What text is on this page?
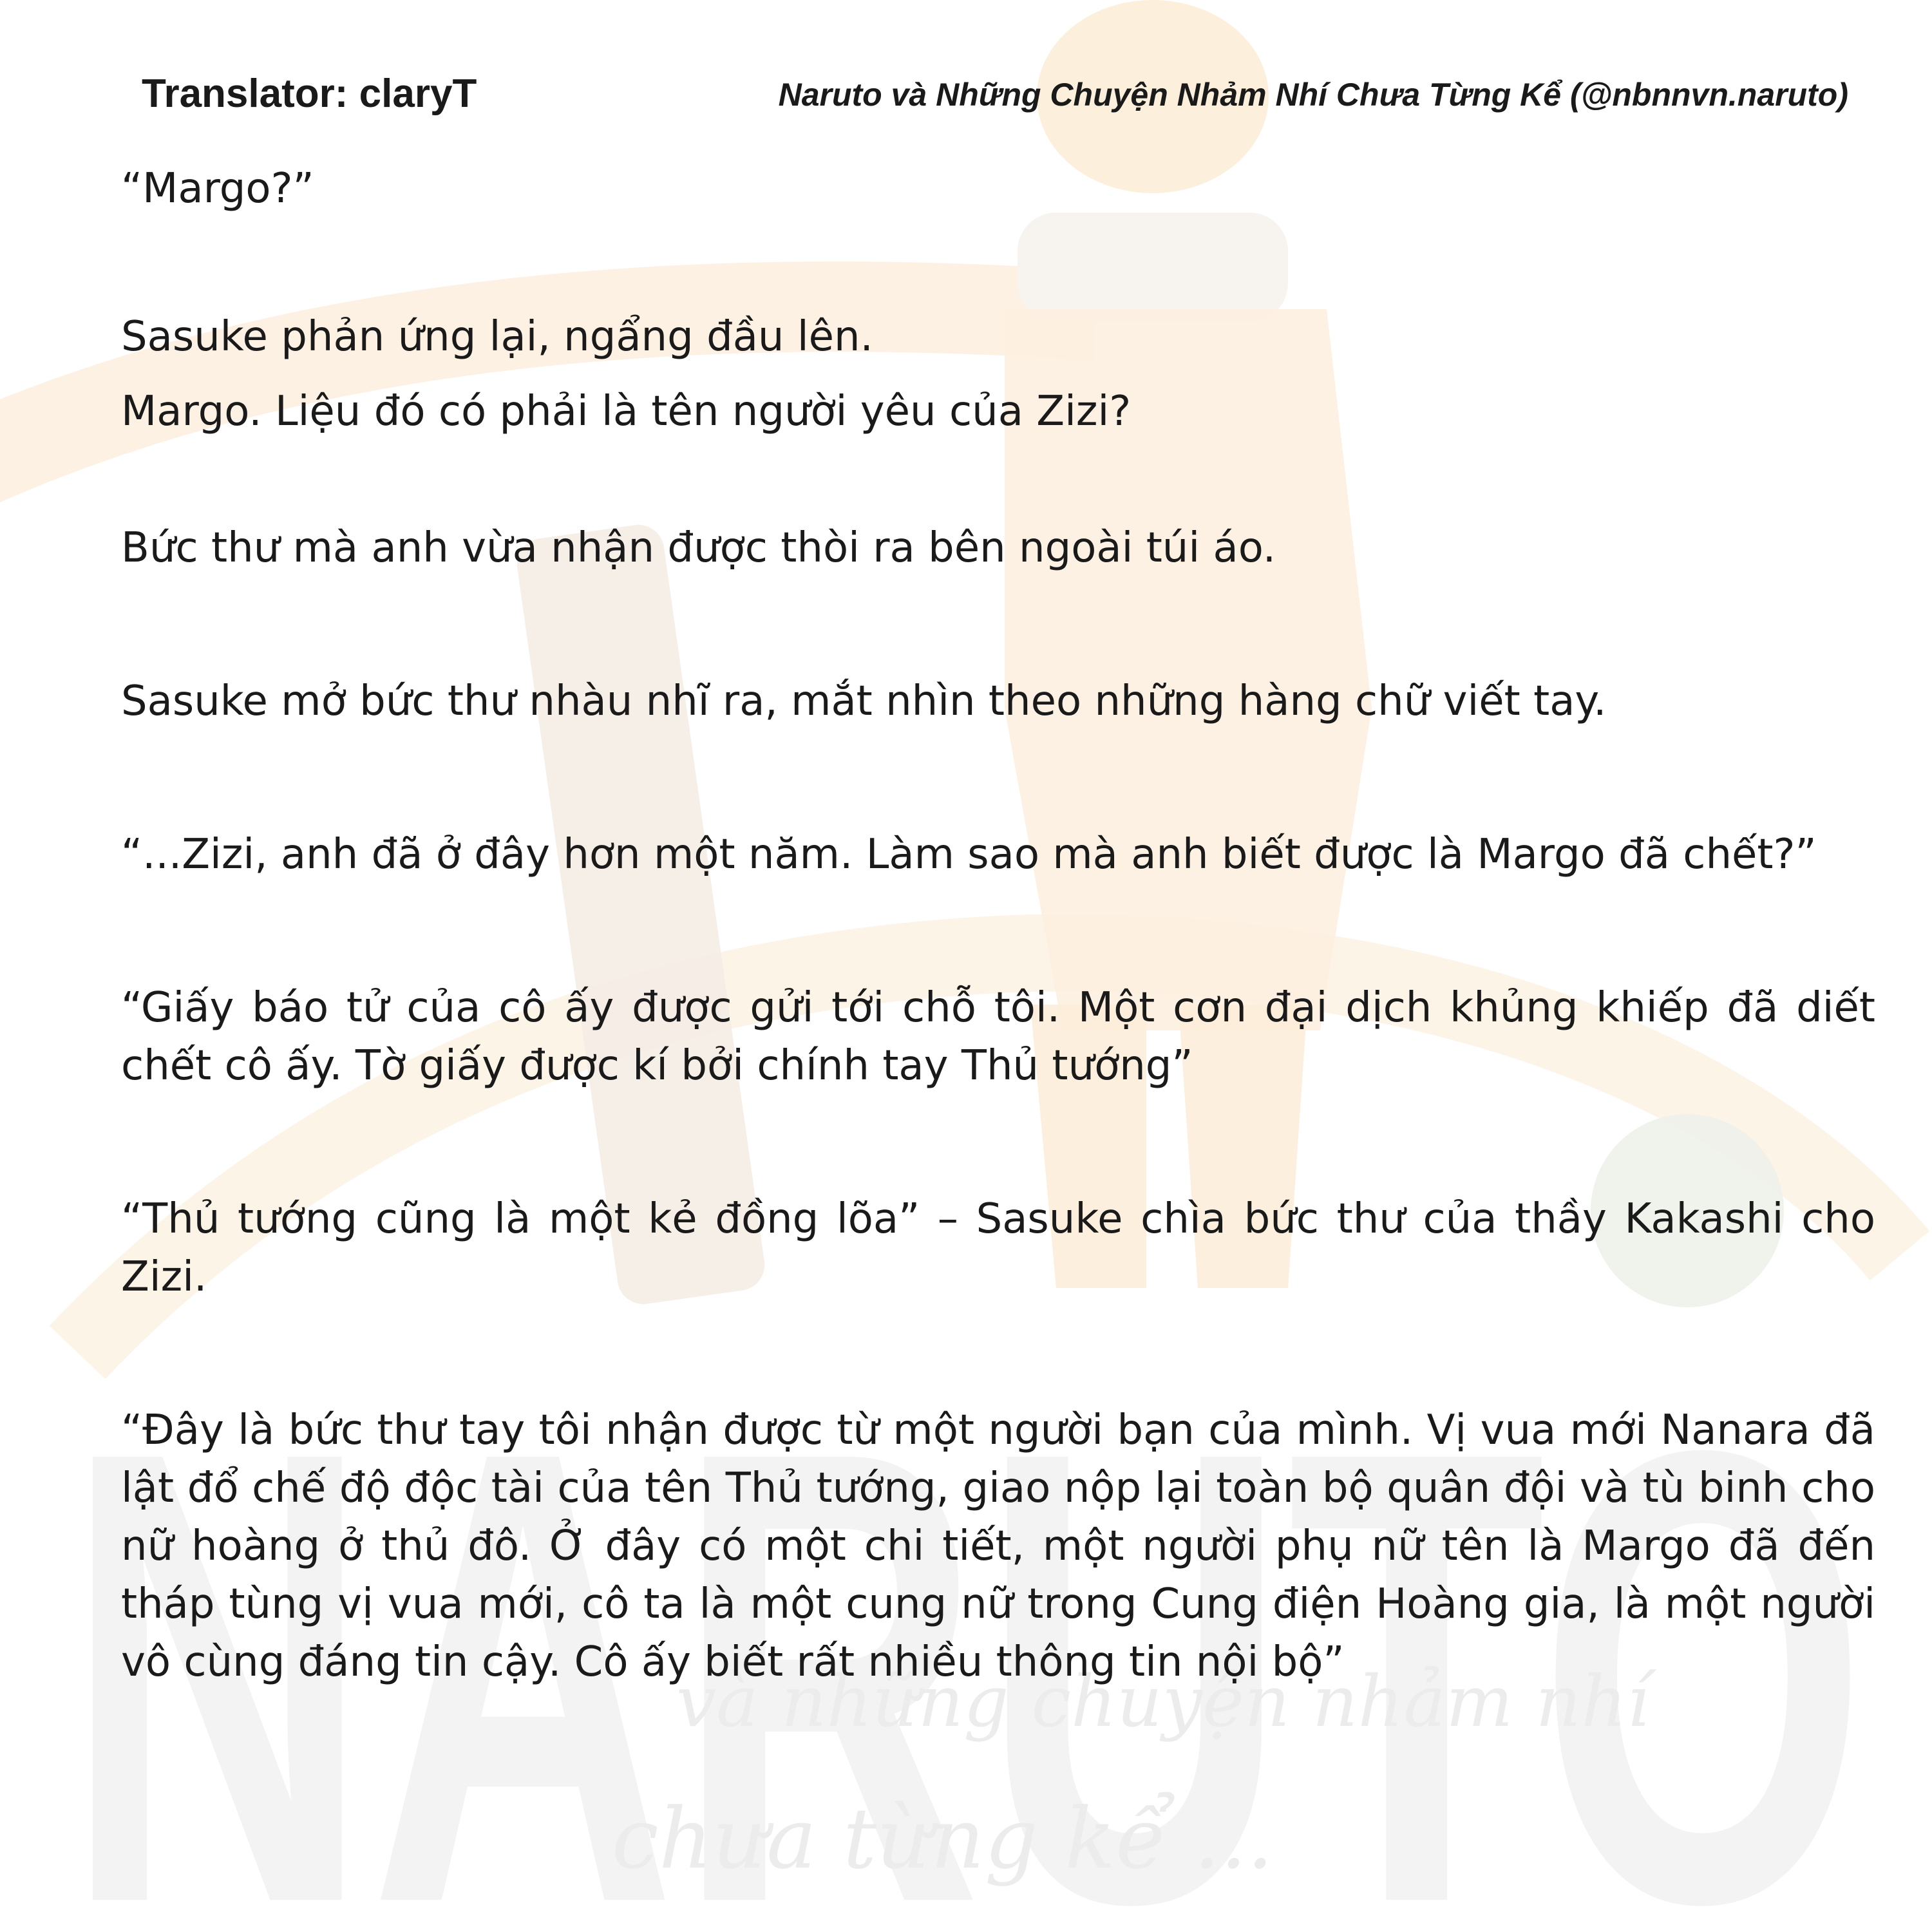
NARUTO
và những chuyện nhảm nhí
chưa từng kể ...
Translator: claryT	Naruto và Những Chuyện Nhảm Nhí Chưa Từng Kể (@nbnnvn.naruto)

“Margo?”

Sasuke phản ứng lại, ngẩng đầu lên.

Margo. Liệu đó có phải là tên người yêu của Zizi?

Bức thư mà anh vừa nhận được thòi ra bên ngoài túi áo.

Sasuke mở bức thư nhàu nhĩ ra, mắt nhìn theo những hàng chữ viết tay.

“...Zizi, anh đã ở đây hơn một năm. Làm sao mà anh biết được là Margo đã chết?”

“Giấy báo tử của cô ấy được gửi tới chỗ tôi. Một cơn đại dịch khủng khiếp đã diết chết cô ấy. Tờ giấy được kí bởi chính tay Thủ tướng”

“Thủ tướng cũng là một kẻ đồng lõa” – Sasuke chìa bức thư của thầy Kakashi cho Zizi.

“Đây là bức thư tay tôi nhận được từ một người bạn của mình. Vị vua mới Nanara đã lật đổ chế độ độc tài của tên Thủ tướng, giao nộp lại toàn bộ quân đội và tù binh cho nữ hoàng ở thủ đô. Ở đây có một chi tiết, một người phụ nữ tên là Margo đã đến tháp tùng vị vua mới, cô ta là một cung nữ trong Cung điện Hoàng gia, là một người vô cùng đáng tin cậy. Cô ấy biết rất nhiều thông tin nội bộ”
